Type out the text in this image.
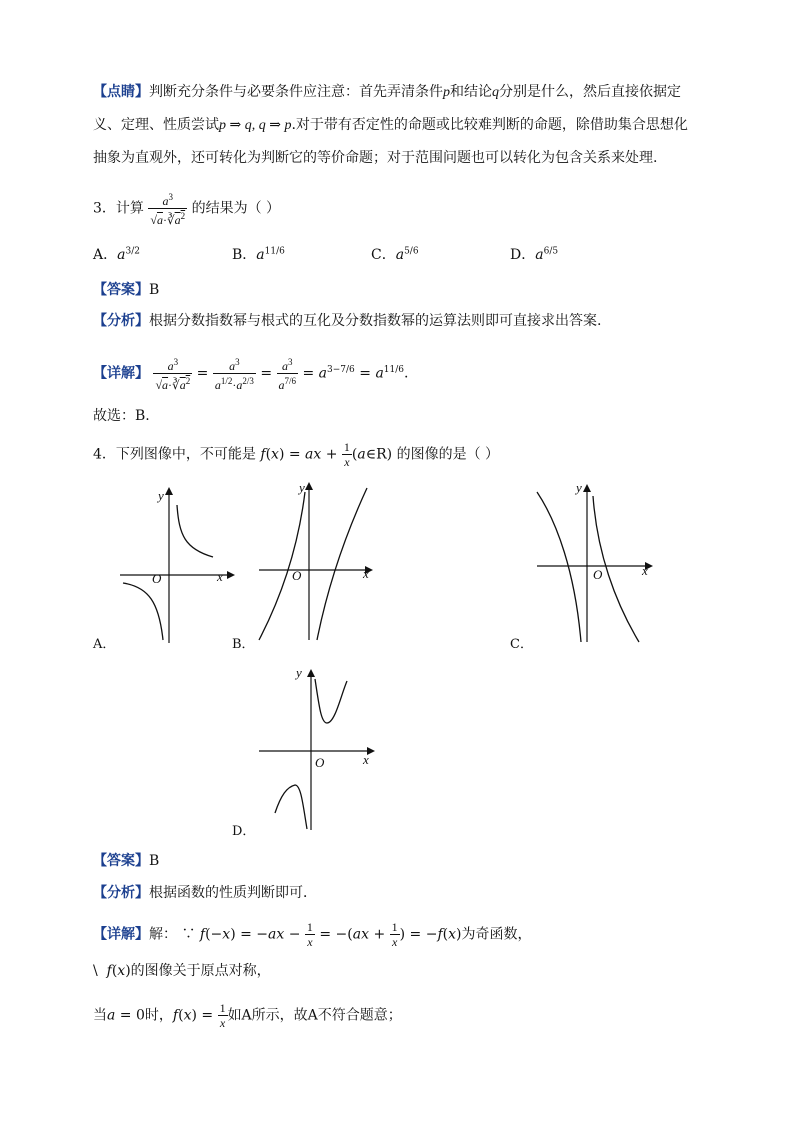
【点睛】判断充分条件与必要条件应注意：首先弄清条件p和结论q分别是什么，然后直接依据定
义、定理、性质尝试p ⇒ q, q ⇒ p.对于带有否定性的命题或比较难判断的命题，除借助集合思想化
抽象为直观外，还可转化为判断它的等价命题；对于范围问题也可以转化为包含关系来处理.
3．计算 $\frac{a^3}{√a\cdot∛a^2}$ 的结果为（ ）
A．$a^{3/2}$	B．$a^{11/6}$	C．$a^{5/6}$	D．$a^{6/5}$
【答案】B
【分析】根据分数指数幂与根式的互化及分数指数幂的运算法则即可直接求出答案.
【详解】 $\frac{a^3}{√a\cdot∛a^2} = \frac{a^3}{a^{1/2}\cdot a^{2/3}} = \frac{a^3}{a^{7/6}} = a^{3-7/6} = a^{11/6}$.
故选：B.
4．下列图像中，不可能是 f(x) = ax + $\frac{1}{x}$ (a∈R) 的图像的是（ ）
y
x
O
A．
y
x
O
B．
y
x
O
C．
y
x
O
D．
【答案】B
【分析】根据函数的性质判断即可．
【详解】解： ∵ $f(-x) = -ax - \frac{1}{x} = -(ax + \frac{1}{x}$ ) = −f(x)为奇函数，
\ f(x)的图像关于原点对称，
当a = 0时，$f(x) = \frac{1}{x}$ 如A所示，故A不符合题意；
